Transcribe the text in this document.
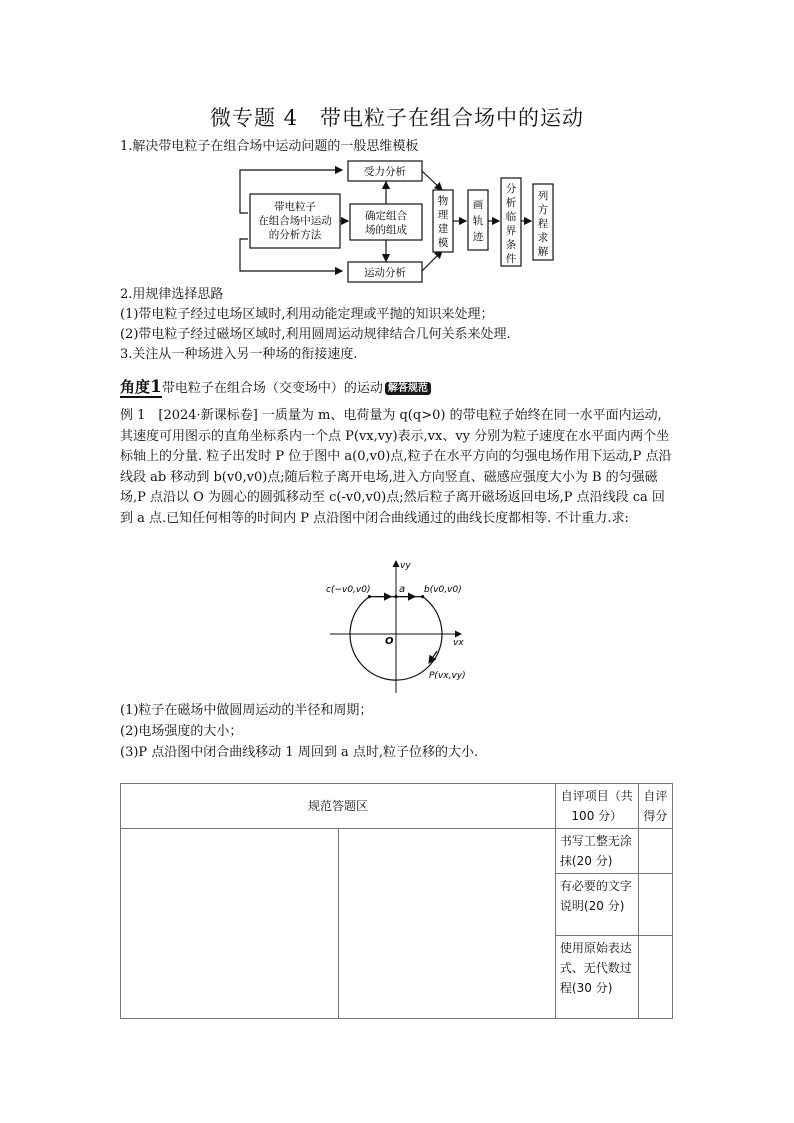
微专题 4　带电粒子在组合场中的运动
1.解决带电粒子在组合场中运动问题的一般思维模板
带电粒子
在组合场中运动
的分析方法
确定组合
场的组成
受力分析
运动分析
物
理
建
模
画
轨
迹
分
析
临
界
条
件
列
方
程
求
解
2.用规律选择思路
(1)带电粒子经过电场区域时,利用动能定理或平抛的知识来处理；
(2)带电粒子经过磁场区域时,利用圆周运动规律结合几何关系来处理.
3.关注从一种场进入另一种场的衔接速度.
角度1带电粒子在组合场（交变场中）的运动 解答规范
例 1　[2024·新课标卷] 一质量为 m、电荷量为 q(q>0) 的带电粒子始终在同一水平面内运动,其速度可用图示的直角坐标系内一个点 P(vx,vy)表示,vx、vy 分别为粒子速度在水平面内两个坐标轴上的分量. 粒子出发时 P 位于图中 a(0,v0)点,粒子在水平方向的匀强电场作用下运动,P 点沿线段 ab 移动到 b(v0,v0)点;随后粒子离开电场,进入方向竖直、磁感应强度大小为 B 的匀强磁场,P 点沿以 O 为圆心的圆弧移动至 c(-v0,v0)点;然后粒子离开磁场返回电场,P 点沿线段 ca 回到 a 点.已知任何相等的时间内 P 点沿图中闭合曲线通过的曲线长度都相等. 不计重力.求:
vy
vx
O
a b(v0,v0)
c(−v0,v0)
P(vx,vy)
(1)粒子在磁场中做圆周运动的半径和周期；
(2)电场强度的大小；
(3)P 点沿图中闭合曲线移动 1 周回到 a 点时,粒子位移的大小.
规范答题区		自评项目（共 100 分）	自评得分
		书写工整无涂抹(20 分)	
		有必要的文字说明(20 分)	
		使用原始表达式、无代数过程(30 分)	
